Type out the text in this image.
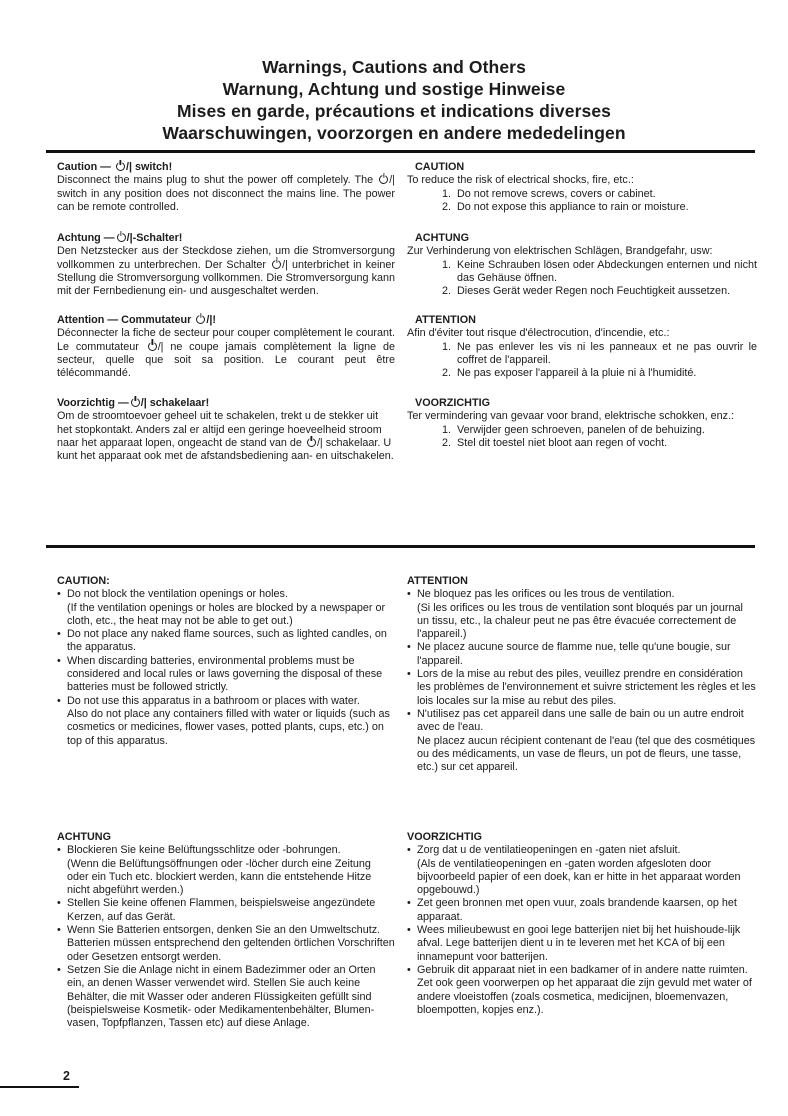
Warnings, Cautions and Others
Warnung, Achtung und sostige Hinweise
Mises en garde, précautions et indications diverses
Waarschuwingen, voorzorgen en andere mededelingen
Caution — /| switch!

Disconnect the mains plug to shut the power off completely. The /| switch in any position does not disconnect the mains line. The power can be remote controlled.

Achtung — /|-Schalter!

Den Netzstecker aus der Steckdose ziehen, um die Stromversorgung vollkommen zu unterbrechen. Der Schalter /| unterbrichet in keiner Stellung die Stromversorgung vollkommen. Die Stromversorgung kann mit der Fernbedienung ein- und ausgeschaltet werden.

Attention — Commutateur /|!

Déconnecter la fiche de secteur pour couper complètement le courant. Le commutateur /| ne coupe jamais complètement la ligne de secteur, quelle que soit sa position. Le courant peut être télécommandé.

Voorzichtig — /| schakelaar!

Om de stroomtoevoer geheel uit te schakelen, trekt u de stekker uit het stopkontakt. Anders zal er altijd een geringe hoeveelheid stroom naar het apparaat lopen, ongeacht de stand van de /| schakelaar. U kunt het apparaat ook met de afstandsbediening aan- en uitschakelen.

CAUTION

To reduce the risk of electrical shocks, fire, etc.:

1. Do not remove screws, covers or cabinet.
2. Do not expose this appliance to rain or moisture.
ACHTUNG

Zur Verhinderung von elektrischen Schlägen, Brandgefahr, usw:

1. Keine Schrauben lösen oder Abdeckungen enternen und nicht das Gehäuse öffnen.
2. Dieses Gerät weder Regen noch Feuchtigkeit aussetzen.
ATTENTION

Afin d'éviter tout risque d'électrocution, d'incendie, etc.:

1. Ne pas enlever les vis ni les panneaux et ne pas ouvrir le coffret de l'appareil.
2. Ne pas exposer l'appareil à la pluie ni à l'humidité.
VOORZICHTIG

Ter vermindering van gevaar voor brand, elektrische schokken, enz.:

1. Verwijder geen schroeven, panelen of de behuizing.
2. Stel dit toestel niet bloot aan regen of vocht.
CAUTION:

• Do not block the ventilation openings or holes.

(If the ventilation openings or holes are blocked by a newspaper or cloth, etc., the heat may not be able to get out.)

• Do not place any naked flame sources, such as lighted candles, on the apparatus.

• When discarding batteries, environmental problems must be considered and local rules or laws governing the disposal of these batteries must be followed strictly.

• Do not use this apparatus in a bathroom or places with water.

Also do not place any containers filled with water or liquids (such as cosmetics or medicines, flower vases, potted plants, cups, etc.) on top of this apparatus.

ATTENTION

• Ne bloquez pas les orifices ou les trous de ventilation.

(Si les orifices ou les trous de ventilation sont bloqués par un journal un tissu, etc., la chaleur peut ne pas être évacuée correctement de l'appareil.)

• Ne placez aucune source de flamme nue, telle qu'une bougie, sur l'appareil.

• Lors de la mise au rebut des piles, veuillez prendre en considération les problèmes de l'environnement et suivre strictement les règles et les lois locales sur la mise au rebut des piles.

• N'utilisez pas cet appareil dans une salle de bain ou un autre endroit avec de l'eau.

Ne placez aucun récipient contenant de l'eau (tel que des cosmétiques ou des médicaments, un vase de fleurs, un pot de fleurs, une tasse, etc.) sur cet appareil.

ACHTUNG

• Blockieren Sie keine Belüftungsschlitze oder -bohrungen.

(Wenn die Belüftungsöffnungen oder -löcher durch eine Zeitung oder ein Tuch etc. blockiert werden, kann die entstehende Hitze nicht abgeführt werden.)

• Stellen Sie keine offenen Flammen, beispielsweise angezündete Kerzen, auf das Gerät.

• Wenn Sie Batterien entsorgen, denken Sie an den Umweltschutz. Batterien müssen entsprechend den geltenden örtlichen Vorschriften oder Gesetzen entsorgt werden.

• Setzen Sie die Anlage nicht in einem Badezimmer oder an Orten ein, an denen Wasser verwendet wird. Stellen Sie auch keine Behälter, die mit Wasser oder anderen Flüssigkeiten gefüllt sind (beispielsweise Kosmetik- oder Medikamentenbehälter, Blumen-vasen, Topfpflanzen, Tassen etc) auf diese Anlage.

VOORZICHTIG

• Zorg dat u de ventilatieopeningen en -gaten niet afsluit.

(Als de ventilatieopeningen en -gaten worden afgesloten door bijvoorbeeld papier of een doek, kan er hitte in het apparaat worden opgebouwd.)

• Zet geen bronnen met open vuur, zoals brandende kaarsen, op het apparaat.

• Wees milieubewust en gooi lege batterijen niet bij het huishoude-lijk afval. Lege batterijen dient u in te leveren met het KCA of bij een innamepunt voor batterijen.

• Gebruik dit apparaat niet in een badkamer of in andere natte ruimten.

Zet ook geen voorwerpen op het apparaat die zijn gevuld met water of andere vloeistoffen (zoals cosmetica, medicijnen, bloemenvazen, bloempotten, kopjes enz.).

2
